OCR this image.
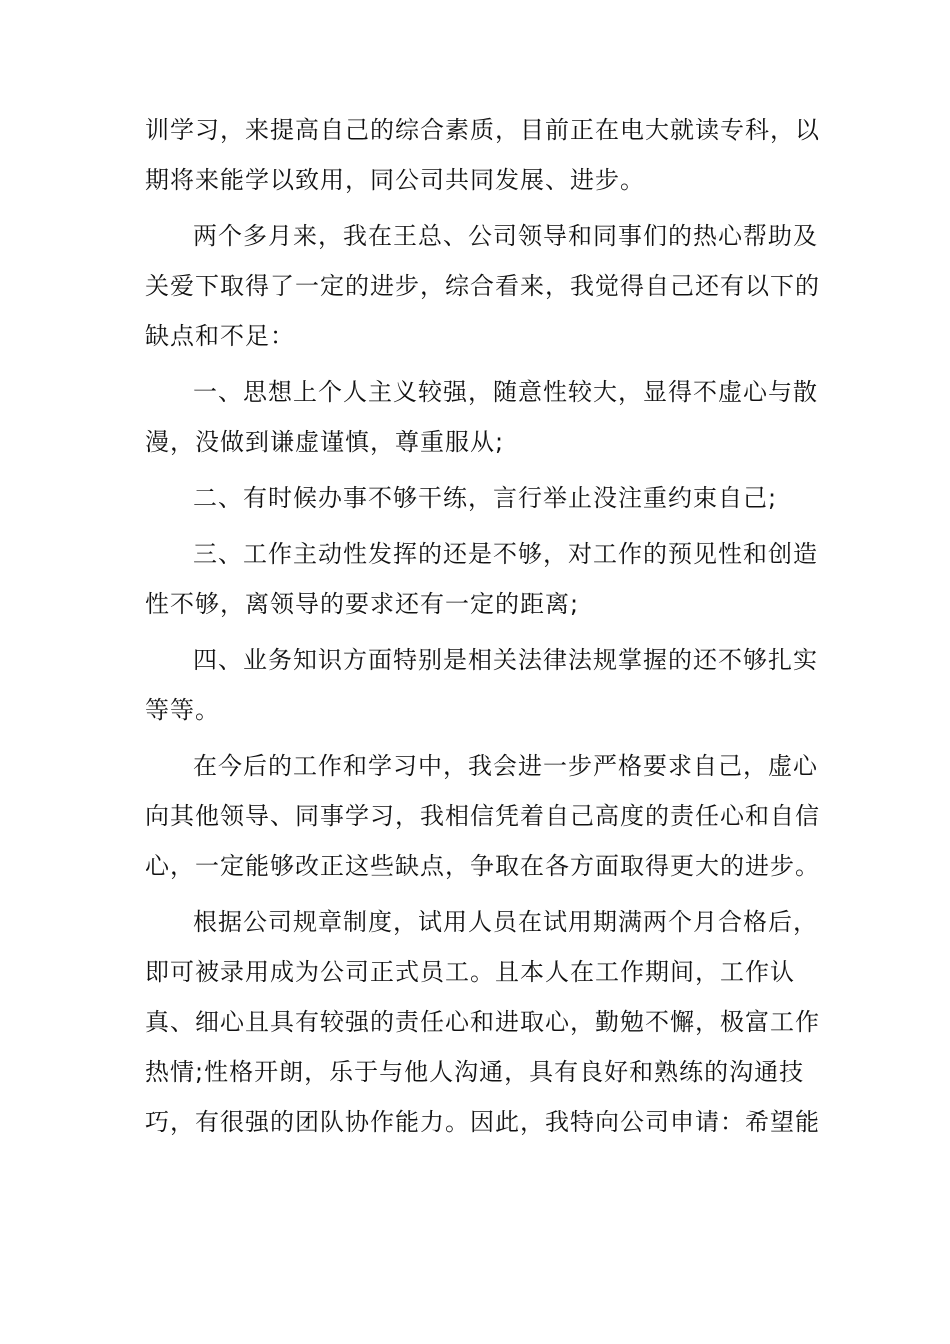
训学习，来提高自己的综合素质，目前正在电大就读专科，以
期将来能学以致用，同公司共同发展、进步。
两个多月来，我在王总、公司领导和同事们的热心帮助及
关爱下取得了一定的进步，综合看来，我觉得自己还有以下的
缺点和不足：
一、思想上个人主义较强，随意性较大，显得不虚心与散
漫，没做到谦虚谨慎，尊重服从;
二、有时候办事不够干练，言行举止没注重约束自己;
三、工作主动性发挥的还是不够，对工作的预见性和创造
性不够，离领导的要求还有一定的距离;
四、业务知识方面特别是相关法律法规掌握的还不够扎实
等等。
在今后的工作和学习中，我会进一步严格要求自己，虚心
向其他领导、同事学习，我相信凭着自己高度的责任心和自信
心，一定能够改正这些缺点，争取在各方面取得更大的进步。
根据公司规章制度，试用人员在试用期满两个月合格后，
即可被录用成为公司正式员工。且本人在工作期间，工作认
真、细心且具有较强的责任心和进取心，勤勉不懈，极富工作
热情;性格开朗，乐于与他人沟通，具有良好和熟练的沟通技
巧，有很强的团队协作能力。因此，我特向公司申请：希望能
